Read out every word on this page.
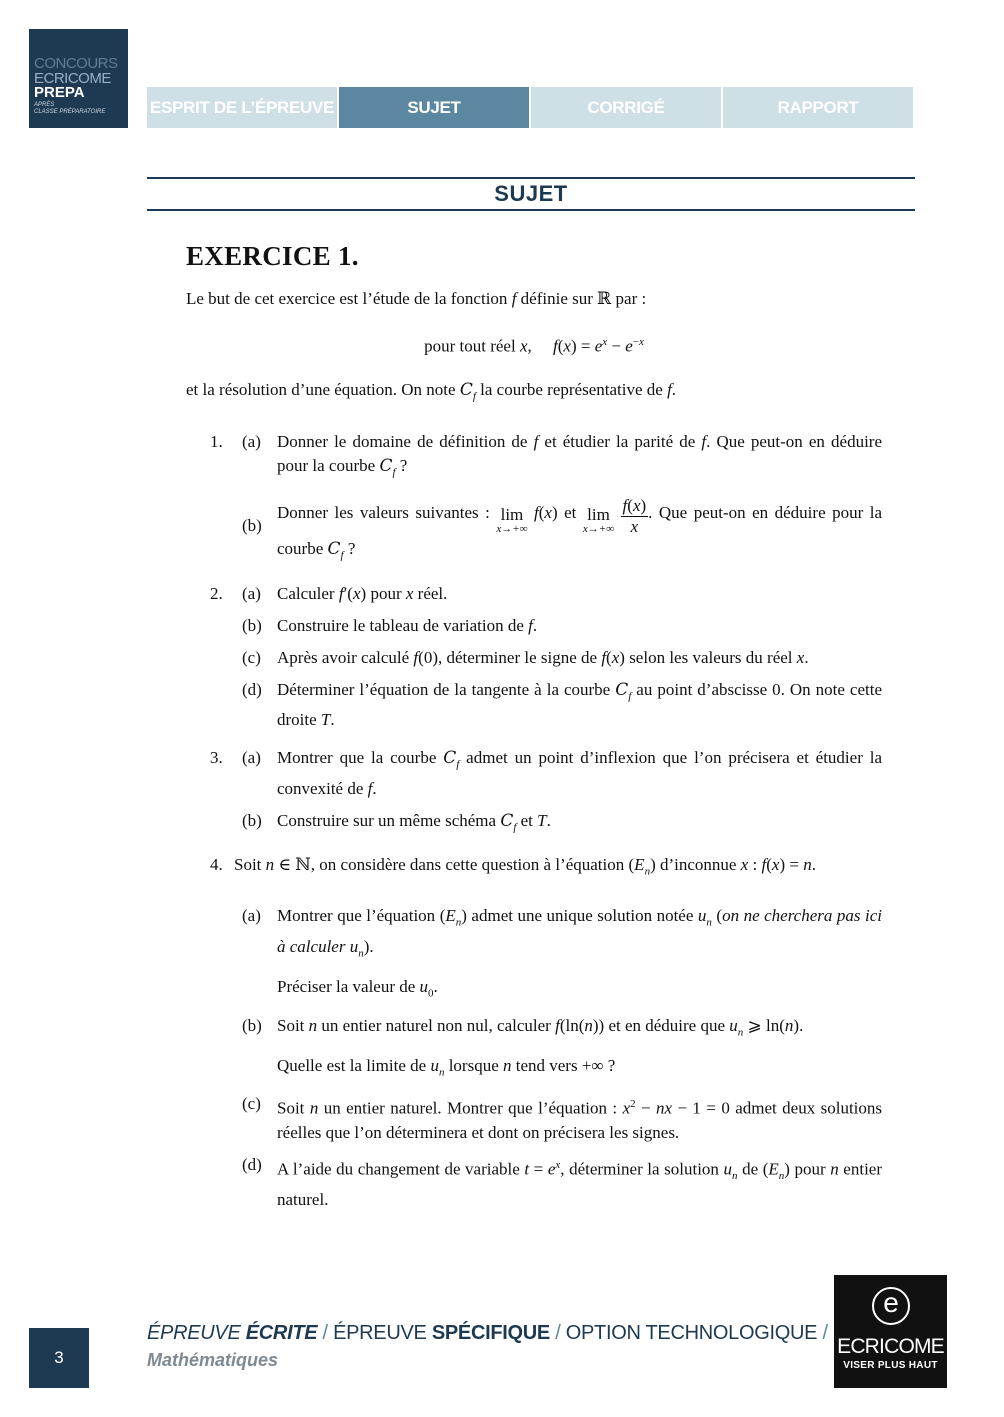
CONCOURS
ECRICOME
PREPA
APRÈS
CLASSE PRÉPARATOIRE	ESPRIT DE L’ÉPREUVE	SUJET	CORRIGÉ	RAPPORT
SUJET
EXERCICE 1.

Le but de cet exercice est l’étude de la fonction f définie sur ℝ par :

pour tout réel x,     $f(x) = e^x - e^{-x}$

et la résolution d’une équation. On note $C_f$ la courbe représentative de f.

1. (a) Donner le domaine de définition de f et étudier la parité de f. Que peut-on en déduire pour la courbe $C_f$ ?
(b)
Donner les valeurs suivantes : lim
x→+∞
f(x) et lim
x→+∞
$\frac{f(x)}{x}$ . Que peut-on en déduire pour la courbe $C_f$ ?
2. (a) Calculer f′(x) pour x réel.
(b) Construire le tableau de variation de f.
(c) Après avoir calculé f(0), déterminer le signe de f(x) selon les valeurs du réel x.
(d) Déterminer l’équation de la tangente à la courbe $C_f$ au point d’abscisse 0. On note cette droite T.
3. (a) Montrer que la courbe $C_f$ admet un point d’inflexion que l’on précisera et étudier la convexité de f.
(b) Construire sur un même schéma $C_f$ et T.
4. Soit n ∈ ℕ, on considère dans cette question à l’équation $(E_n)$ d’inconnue x : f(x) = n.
(a) Montrer que l’équation $(E_n)$ admet une unique solution notée $u_n$ (on ne cherchera pas ici à calculer $u_n$).
Préciser la valeur de $u_0$.
(b) Soit n un entier naturel non nul, calculer f(ln(n)) et en déduire que $u_n$ ⩾ ln(n).
Quelle est la limite de $u_n$ lorsque n tend vers +∞ ?
(c) Soit n un entier naturel. Montrer que l’équation : $x^2$ − nx − 1 = 0 admet deux solutions réelles que l’on déterminera et dont on précisera les signes.
(d) A l’aide du changement de variable $t = e^x$, déterminer la solution $u_n$ de $(E_n)$ pour n entier naturel.
3
ÉPREUVE ÉCRITE / ÉPREUVE SPÉCIFIQUE / OPTION TECHNOLOGIQUE /
Mathématiques
e
ECRICOME
VISER PLUS HAUT
